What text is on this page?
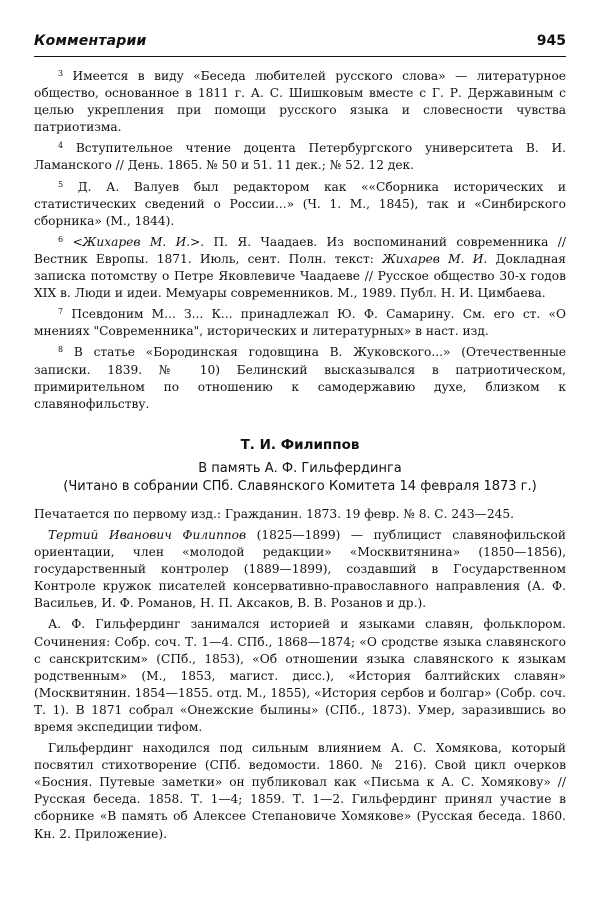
Комментарии	945

$^3$ Имеется в виду «Беседа любителей русского слова» — литературное общество, основанное в 1811 г. А. С. Шишковым вместе с Г. Р. Державиным с целью укрепления при помощи русского языка и словесности чувства патриотизма.

$^4$ Вступительное чтение доцента Петербургского университета В. И. Ламанского // День. 1865. № 50 и 51. 11 дек.; № 52. 12 дек.

$^5$ Д. А. Валуев был редактором как ««Сборника исторических и статистических сведений о России...» (Ч. 1. М., 1845), так и «Синбирского сборника» (М., 1844).

$^6$ <Жихарев М. И.>. П. Я. Чаадаев. Из воспоминаний современника // Вестник Европы. 1871. Июль, сент. Полн. текст: Жихарев М. И. Докладная записка потомству о Петре Яковлевиче Чаадаеве // Русское общество 30-х годов XIX в. Люди и идеи. Мемуары современников. М., 1989. Публ. Н. И. Цимбаева.

$^7$ Псевдоним М... З... К... принадлежал Ю. Ф. Самарину. См. его ст. «О мнениях "Современника", исторических и литературных» в наст. изд.

$^8$ В статье «Бородинская годовщина В. Жуковского...» (Отечественные записки. 1839. № 10) Белинский высказывался в патриотическом, примирительном по отношению к самодержавию духе, близком к славянофильству.

Т. И. Филиппов

В память А. Ф. Гильфердинга

(Читано в собрании СПб. Славянского Комитета 14 февраля 1873 г.)

Печатается по первому изд.: Гражданин. 1873. 19 февр. № 8. С. 243—245.

Тертий Иванович Филиппов (1825—1899) — публицист славянофильской ориентации, член «молодой редакции» «Москвитянина» (1850—1856), государственный контролер (1889—1899), создавший в Государственном Контроле кружок писателей консервативно-православного направления (А. Ф. Васильев, И. Ф. Романов, Н. П. Аксаков, В. В. Розанов и др.).

А. Ф. Гильфердинг занимался историей и языками славян, фольклором. Сочинения: Собр. соч. Т. 1—4. СПб., 1868—1874; «О сродстве языка славянского с санскритским» (СПб., 1853), «Об отношении языка славянского к языкам родственным» (М., 1853, магист. дисс.), «История балтийских славян» (Москвитянин. 1854—1855. отд. М., 1855), «История сербов и болгар» (Собр. соч. Т. 1). В 1871 собрал «Онежские былины» (СПб., 1873). Умер, заразившись во время экспедиции тифом.

Гильфердинг находился под сильным влиянием А. С. Хомякова, который посвятил стихотворение (СПб. ведомости. 1860. № 216). Свой цикл очерков «Босния. Путевые заметки» он публиковал как «Письма к А. С. Хомякову» // Русская беседа. 1858. Т. 1—4; 1859. Т. 1—2. Гильфердинг принял участие в сборнике «В память об Алексее Степановиче Хомякове» (Русская беседа. 1860. Кн. 2. Приложение).
